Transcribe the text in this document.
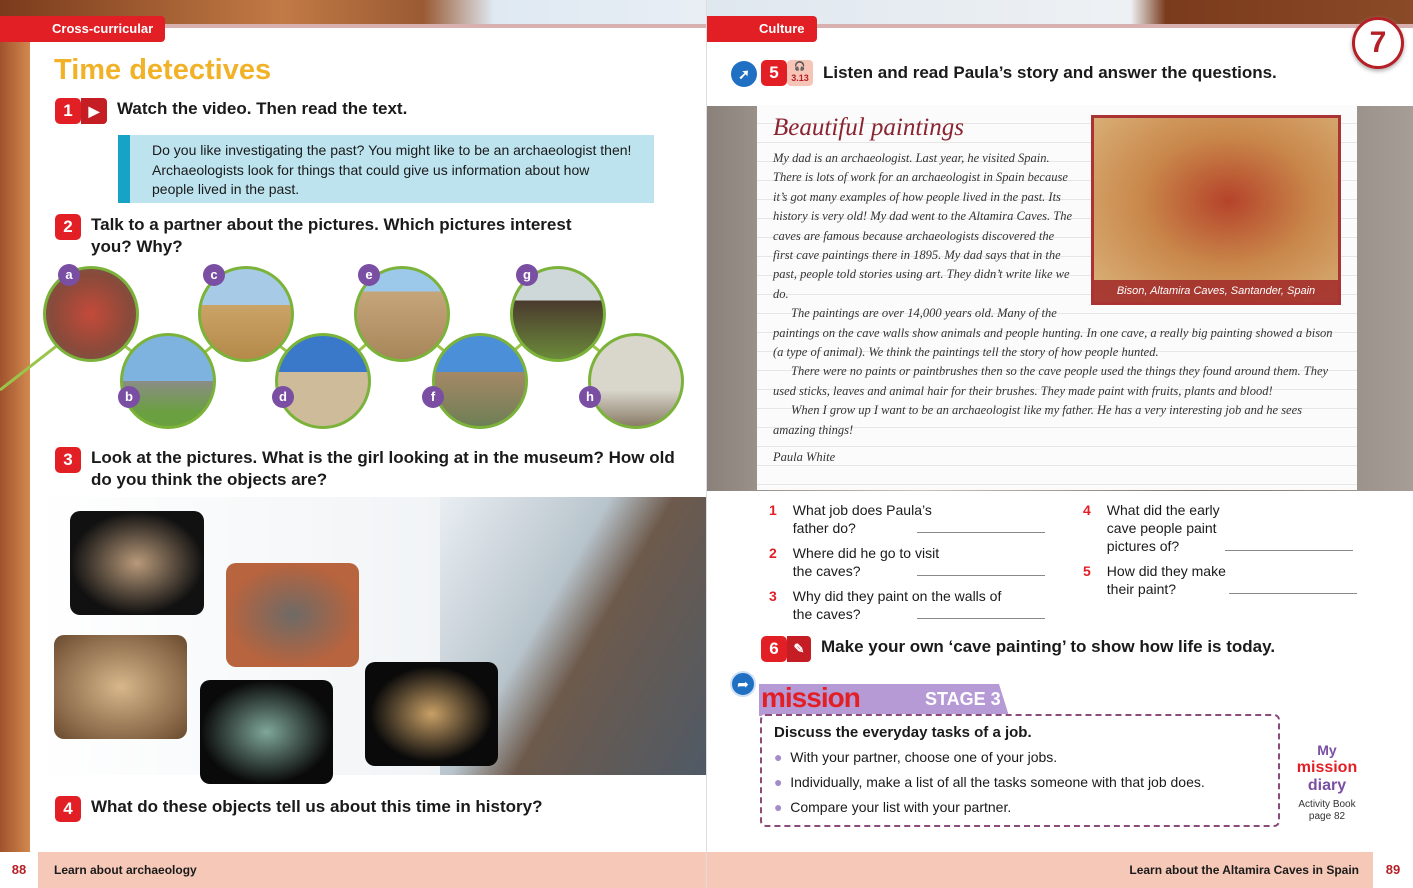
Cross-curricular
Time detectives
1	▶	Watch the video. Then read the text.
Do you like investigating the past? You might like to be an archaeologist then! Archaeologists look for things that could give us information about how people lived in the past.
2	Talk to a partner about the pictures. Which pictures interest you? Why?
a
b
c
d
e
f
g
h
3	Look at the pictures. What is the girl looking at in the museum? How old do you think the objects are?
4	What do these objects tell us about this time in history?
88	Learn about archaeology
Culture	7
➚	5	🎧
3.13 Listen and read Paula’s story and answer the questions.
Bison, Altamira Caves, Santander, Spain
Beautiful paintings

My dad is an archaeologist. Last year, he visited Spain. There is lots of work for an archaeologist in Spain because it’s got many examples of how people lived in the past. Its history is very old! My dad went to the Altamira Caves. The caves are famous because archaeologists discovered the first cave paintings there in 1895. My dad says that in the past, people told stories using art. They didn’t write like we do.

The paintings are over 14,000 years old. Many of the paintings on the cave walls show animals and people hunting. In one cave, a really big painting showed a bison (a type of animal). We think the paintings tell the story of how people hunted.

There were no paints or paintbrushes then so the cave people used the things they found around them. They used sticks, leaves and animal hair for their brushes. They made paint with fruits, plants and blood!

When I grow up I want to be an archaeologist like my father. He has a very interesting job and he sees amazing things!

Paula White
1 What job does Paula’s father do?
2 Where did he go to visit the caves?
3 Why did they paint on the walls of the caves?
4 What did the early cave people paint pictures of?
5 How did they make their paint?
6	✎ Make your own ‘cave painting’ to show how life is today.
➦ mission	STAGE 3
Discuss the everyday tasks of a job.
● With your partner, choose one of your jobs.
● Individually, make a list of all the tasks someone with that job does.
● Compare your list with your partner.
My
mission
diary
Activity Book
page 82
Learn about the Altamira Caves in Spain	89
